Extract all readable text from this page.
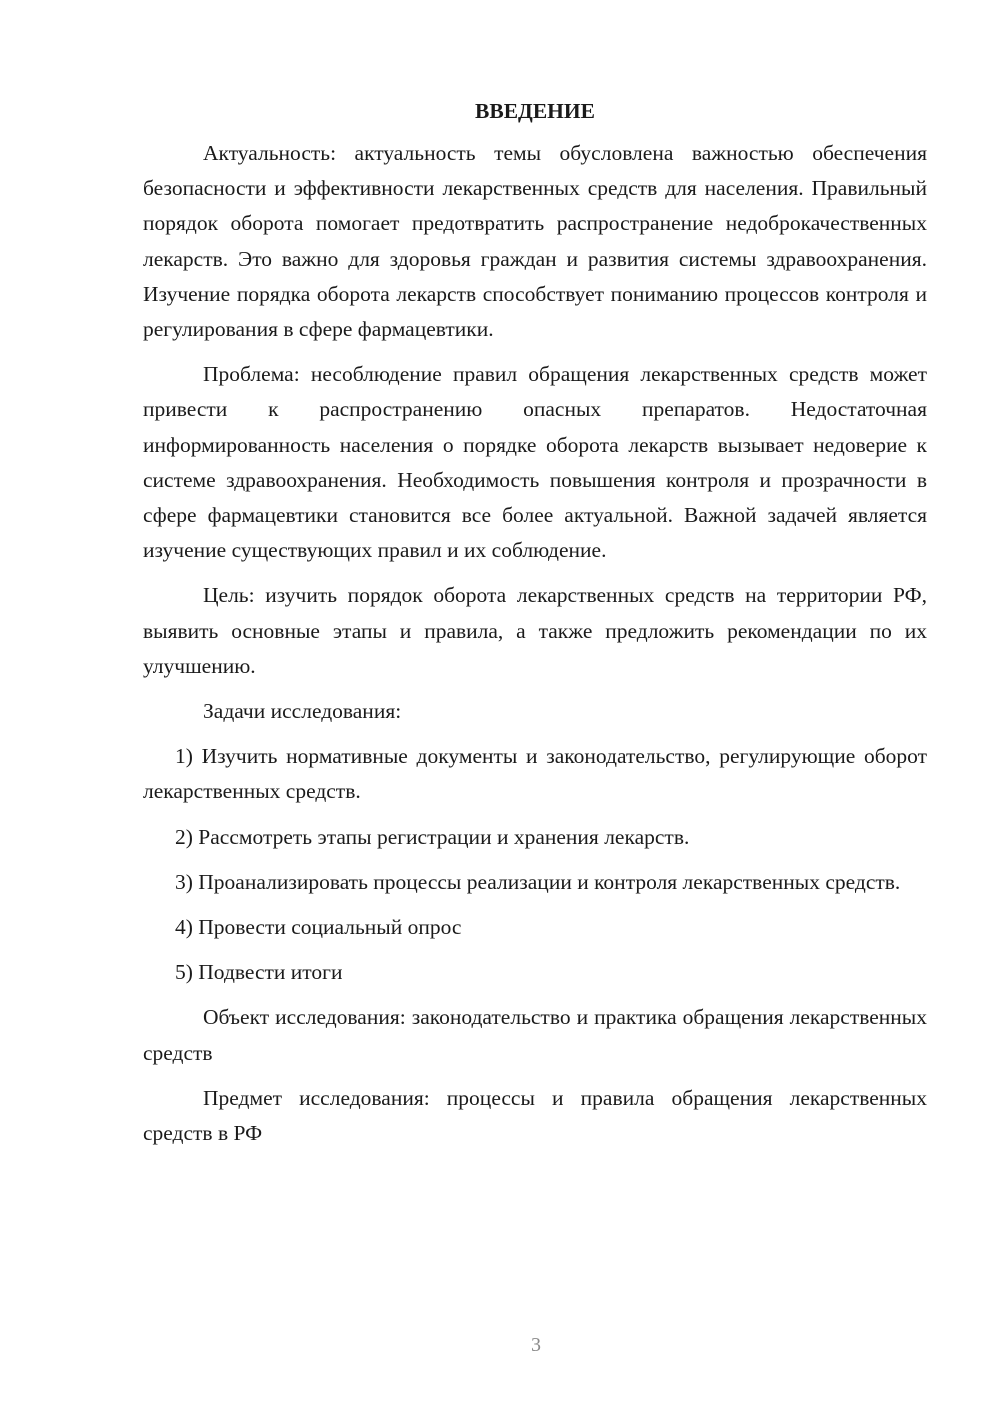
ВВЕДЕНИЕ

Актуальность: актуальность темы обусловлена важностью обеспечения безопасности и эффективности лекарственных средств для населения. Правильный порядок оборота помогает предотвратить распространение недоброкачественных лекарств. Это важно для здоровья граждан и развития системы здравоохранения. Изучение порядка оборота лекарств способствует пониманию процессов контроля и регулирования в сфере фармацевтики.

Проблема: несоблюдение правил обращения лекарственных средств может привести к распространению опасных препаратов. Недостаточная информированность населения о порядке оборота лекарств вызывает недоверие к системе здравоохранения. Необходимость повышения контроля и прозрачности в сфере фармацевтики становится все более актуальной. Важной задачей является изучение существующих правил и их соблюдение.

Цель: изучить порядок оборота лекарственных средств на территории РФ, выявить основные этапы и правила, а также предложить рекомендации по их улучшению.

Задачи исследования:

1) Изучить нормативные документы и законодательство, регулирующие оборот лекарственных средств.

2) Рассмотреть этапы регистрации и хранения лекарств.

3) Проанализировать процессы реализации и контроля лекарственных средств.

4) Провести социальный опрос

5) Подвести итоги

Объект исследования: законодательство и практика обращения лекарственных средств

Предмет исследования: процессы и правила обращения лекарственных средств в РФ

3
